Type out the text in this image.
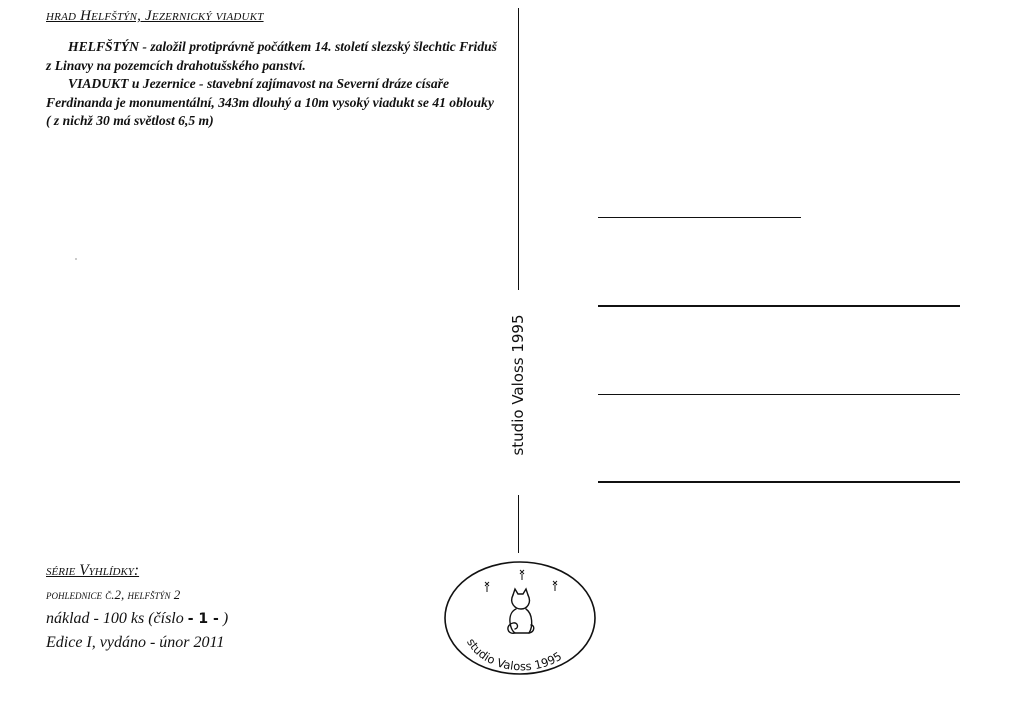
hrad Helfštýn, Jezernický viadukt

HELFŠTÝN - založil protiprávně počátkem 14. století slezský šlechtic Friduš z Linavy na pozemcích drahotušského panství.

VIADUKT u Jezernice - stavební zajímavost na Severní dráze císaře Ferdinanda je monumentální, 343m dlouhý a 10m vysoký viadukt se 41 oblouky ( z nichž 30 má světlost 6,5 m)

studio Valoss 1995
série Vyhlídky:
pohlednice č.2, helfštýn 2
náklad - 100 ks (číslo - 1 - )
Edice I, vydáno - únor 2011	studio Valoss 1995
